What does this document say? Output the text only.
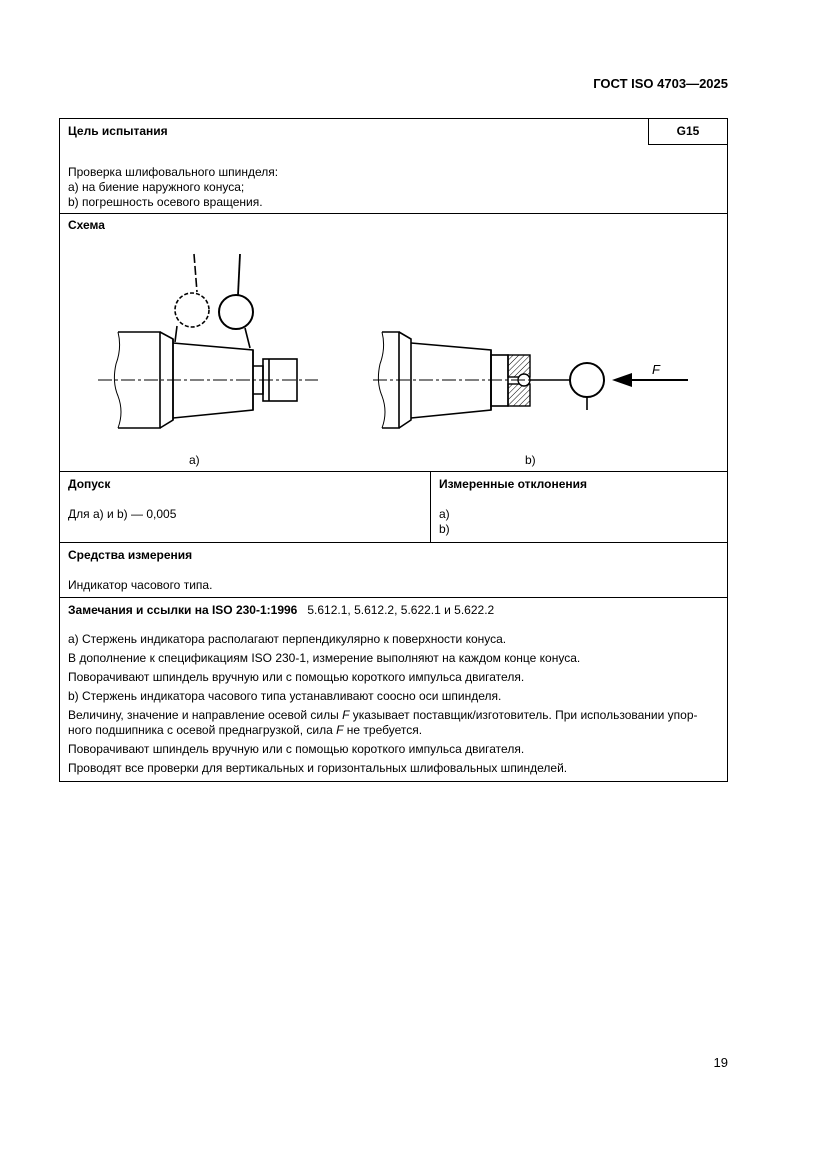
ГОСТ ISO 4703—2025
Цель испытания	G15
Проверка шлифовального шпинделя:
a) на биение наружного конуса;
b) погрешность осевого вращения.
Схема
F
a)	b)
Допуск
Для a) и b) — 0,005
Измеренные отклонения
a)
b)
Средства измерения
Индикатор часового типа.
Замечания и ссылки на ISO 230-1:1996 5.612.1, 5.612.2, 5.622.1 и 5.622.2
a) Стержень индикатора располагают перпендикулярно к поверхности конуса.
В дополнение к спецификациям ISO 230-1, измерение выполняют на каждом конце конуса.
Поворачивают шпиндель вручную или с помощью короткого импульса двигателя.
b) Стержень индикатора часового типа устанавливают соосно оси шпинделя.
Величину, значение и направление осевой силы F указывает поставщик/изготовитель. При использовании упор-
ного подшипника с осевой преднагрузкой, сила F не требуется.
Поворачивают шпиндель вручную или с помощью короткого импульса двигателя.
Проводят все проверки для вертикальных и горизонтальных шлифовальных шпинделей.
19
